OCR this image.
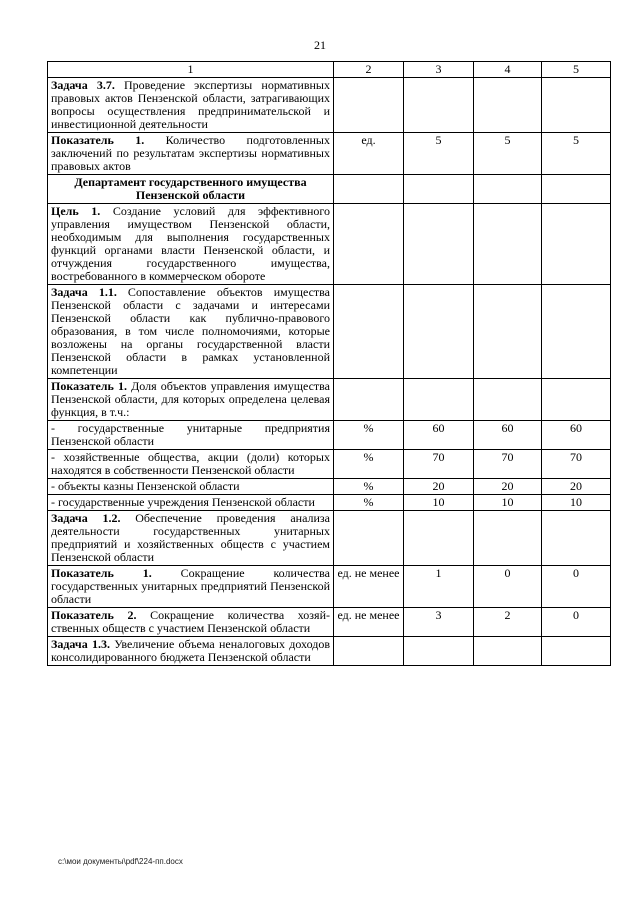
21
1	2	3	4	5
Задача 3.7. Проведение экспертизы нормативных правовых актов Пензенской области, затрагивающих вопросы осуществления предпринимательской и инвестиционной деятельности				
Показатель 1. Количество подготовленных заключений по результатам экспертизы нормативных правовых актов	ед.	5	5	5
Департамент государственного имущества Пензенской области				
Цель 1. Создание условий для эффективного управления имуществом Пензенской области, необходимым для выполнения государственных функций органами власти Пензенской области, и отчуждения государственного имущества, востребованного в коммерческом обороте				
Задача 1.1. Сопоставление объектов имущества Пензенской области с задачами и интересами Пензенской области как публично-правового образования, в том числе полномочиями, которые возложены на органы государственной власти Пензенской области в рамках установленной компетенции				
Показатель 1. Доля объектов управления имущества Пензенской области, для которых определена целевая функция, в т.ч.:				
- государственные унитарные предприятия Пензенской области	%	60	60	60
- хозяйственные общества, акции (доли) которых находятся в собственности Пензенской области	%	70	70	70
- объекты казны Пензенской области	%	20	20	20
- государственные учреждения Пензенской области	%	10	10	10
Задача 1.2. Обеспечение проведения анализа деятельности государственных унитарных предприятий и хозяйственных обществ с участием Пензенской области				
Показатель 1. Сокращение количества государственных унитарных предприятий Пензенской области	ед. не менее	1	0	0
Показатель 2. Сокращение количества хозяйственных обществ с участием Пензенской области	ед. не менее	3	2	0
Задача 1.3. Увеличение объема неналоговых доходов консолидированного бюджета Пензенской области				
c:\мои документы\pdf\224-пп.docx
